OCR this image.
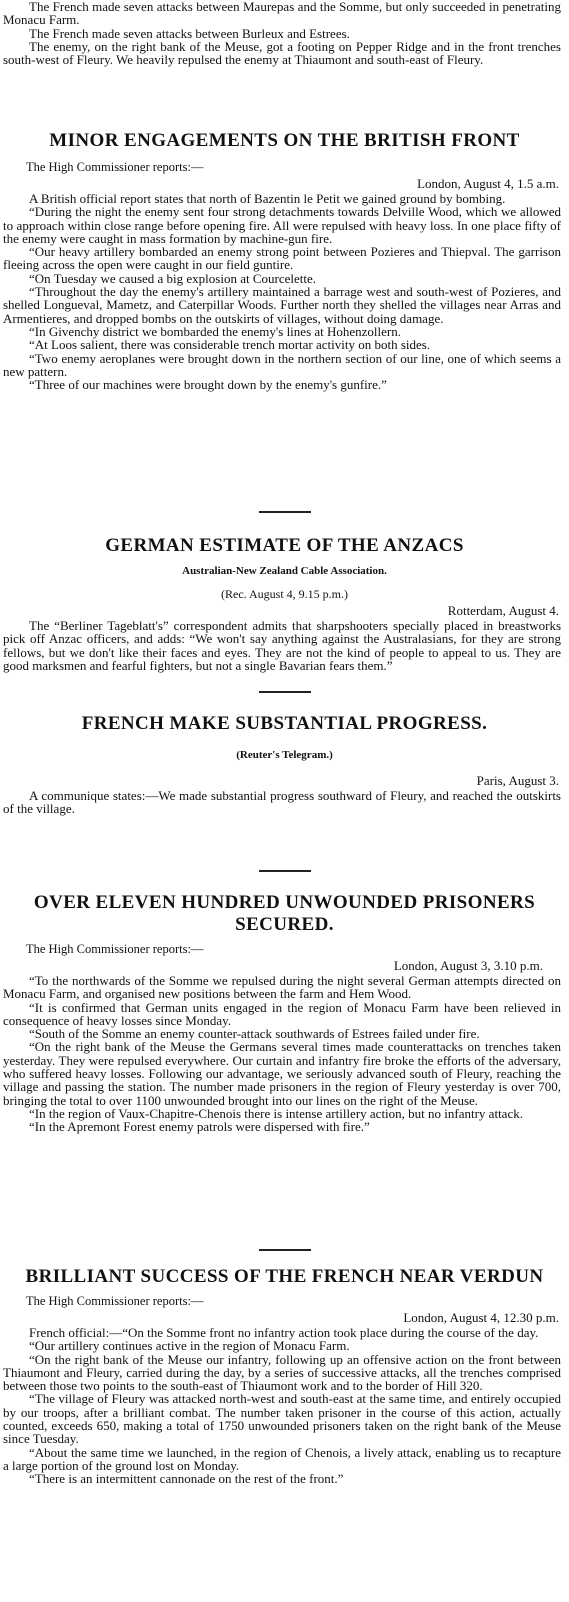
The French made seven attacks between Maurepas and the Somme, but only succeeded in penetrating Monacu Farm.

The French made seven attacks between Burleux and Estrees.

The enemy, on the right bank of the Meuse, got a footing on Pepper Ridge and in the front trenches south-west of Fleury. We heavily repulsed the enemy at Thiaumont and south-east of Fleury.

MINOR ENGAGEMENTS ON THE BRITISH FRONT

The High Commissioner reports:—

London, August 4, 1.5 a.m.

A British official report states that north of Bazentin le Petit we gained ground by bombing.

“During the night the enemy sent four strong detachments towards Delville Wood, which we allowed to approach within close range before opening fire. All were repulsed with heavy loss. In one place fifty of the enemy were caught in mass formation by machine-gun fire.

“Our heavy artillery bombarded an enemy strong point between Pozieres and Thiepval. The garrison fleeing across the open were caught in our field guntire.

“On Tuesday we caused a big explosion at Courcelette.

“Throughout the day the enemy's artillery maintained a barrage west and south-west of Pozieres, and shelled Longueval, Mametz, and Caterpillar Woods. Further north they shelled the villages near Arras and Armentieres, and dropped bombs on the outskirts of villages, without doing damage.

“In Givenchy district we bombarded the enemy's lines at Hohenzollern.

“At Loos salient, there was considerable trench mortar activity on both sides.

“Two enemy aeroplanes were brought down in the northern section of our line, one of which seems a new pattern.

“Three of our machines were brought down by the enemy's gunfire.”

GERMAN ESTIMATE OF THE ANZACS

Australian-New Zealand Cable Association.

(Rec. August 4, 9.15 p.m.)

Rotterdam, August 4.

The “Berliner Tageblatt's” correspondent admits that sharpshooters specially placed in breastworks pick off Anzac officers, and adds: “We won't say anything against the Australasians, for they are strong fellows, but we don't like their faces and eyes. They are not the kind of people to appeal to us. They are good marksmen and fearful fighters, but not a single Bavarian fears them.”

FRENCH MAKE SUBSTANTIAL PROGRESS.

(Reuter's Telegram.)

Paris, August 3.

A communique states:—We made substantial progress southward of Fleury, and reached the outskirts of the village.

OVER ELEVEN HUNDRED UNWOUNDED PRISONERS SECURED.

The High Commissioner reports:—

London, August 3, 3.10 p.m.

“To the northwards of the Somme we repulsed during the night several German attempts directed on Monacu Farm, and organised new positions between the farm and Hem Wood.

“It is confirmed that German units engaged in the region of Monacu Farm have been relieved in consequence of heavy losses since Monday.

“South of the Somme an enemy counter-attack southwards of Estrees failed under fire.

“On the right bank of the Meuse the Germans several times made counterattacks on trenches taken yesterday. They were repulsed everywhere. Our curtain and infantry fire broke the efforts of the adversary, who suffered heavy losses. Following our advantage, we seriously advanced south of Fleury, reaching the village and passing the station. The number made prisoners in the region of Fleury yesterday is over 700, bringing the total to over 1100 unwounded brought into our lines on the right of the Meuse.

“In the region of Vaux-Chapitre-Chenois there is intense artillery action, but no infantry attack.

“In the Apremont Forest enemy patrols were dispersed with fire.”

BRILLIANT SUCCESS OF THE FRENCH NEAR VERDUN

The High Commissioner reports:—

London, August 4, 12.30 p.m.

French official:—“On the Somme front no infantry action took place during the course of the day.

“Our artillery continues active in the region of Monacu Farm.

“On the right bank of the Meuse our infantry, following up an offensive action on the front between Thiaumont and Fleury, carried during the day, by a series of successive attacks, all the trenches comprised between those two points to the south-east of Thiaumont work and to the border of Hill 320.

“The village of Fleury was attacked north-west and south-east at the same time, and entirely occupied by our troops, after a brilliant combat. The number taken prisoner in the course of this action, actually counted, exceeds 650, making a total of 1750 unwounded prisoners taken on the right bank of the Meuse since Tuesday.

“About the same time we launched, in the region of Chenois, a lively attack, enabling us to recapture a large portion of the ground lost on Monday.

“There is an intermittent cannonade on the rest of the front.”
